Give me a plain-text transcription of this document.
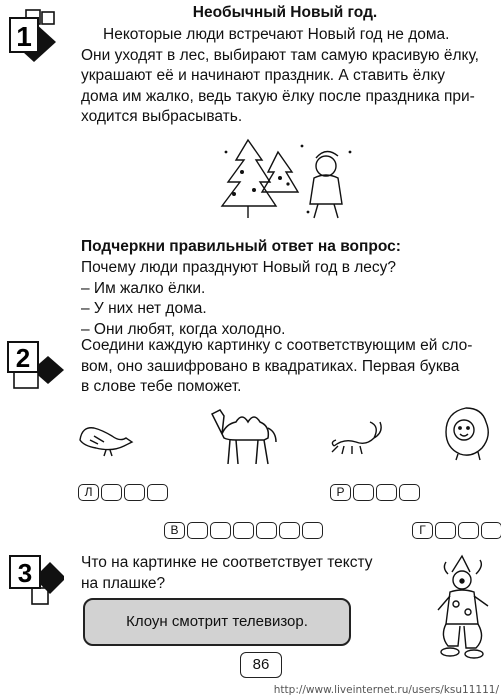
1
Необычный Новый год.

Некоторые люди встречают Новый год не дома.

Они уходят в лес, выбирают там самую красивую ёлку,

украшают её и начинают праздник. А ставить ёлку

дома им жалко, ведь такую ёлку после праздника при-

ходится выбрасывать.

Подчеркни правильный ответ на вопрос:

Почему люди празднуют Новый год в лесу?

– Им жалко ёлки.

– У них нет дома.

– Они любят, когда холодно.

2	Соедини каждую картинку с соответствующим ей сло-

вом, оно зашифровано в квадратиках. Первая буква

в слове тебе поможет.

Л	Р
В	Г
3	Что на картинке не соответствует тексту

на плашке?

Клоун смотрит телевизор.
86
http://www.liveinternet.ru/users/ksu11111/
